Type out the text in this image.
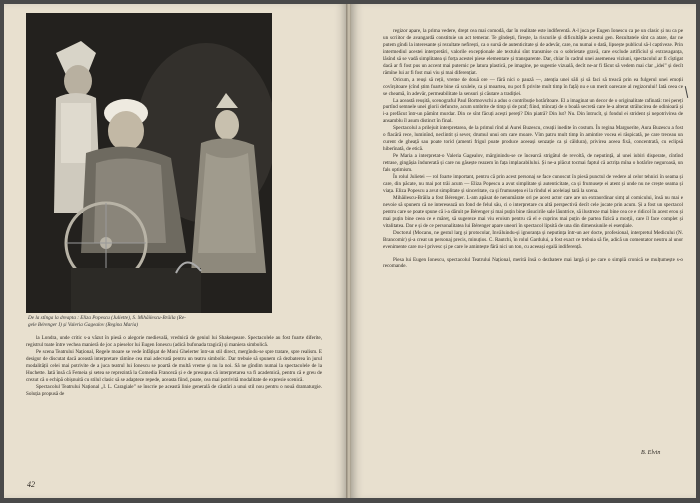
De la stînga la dreapta : Eliza Popescu (Juliette), S. Mihăilescu-Brăila (Re-
gele Bérenger I) și Valeria Gagealov (Regina Maria)

la Londra, unde critic s-a văzut în piesă o alegorie medievală, vrednică de geniul lui Shakespeare. Spectacolele au fost foarte diferite, registrul toate între vechea manieră de joc a pieselor lui Eugen Ionescu (adică bufonada tragică) și maniera simbolică.

Pe scena Teatrului Național, Regele moare se vede înfățișat de Moni Ghelerter într-un stil direct, mergîndu-se spre tratare, spre realism. E desigur de discutat dacă această interpretare rămîne cea mai adecvată pentru un teatru simbolic. Dar trebuie să spunem că dezbaterea în jurul modalității celei mai potrivite de a juca teatrul lui Ionescu se poartă de multă vreme și nu la noi. Să ne gîndim numai la spectacolele de la Huchette. Iată însă că Femeia și setea se reprezintă la Comedia Franceză și e de presupus că interpretarea va fi academică, pentru că e greu de crezut că o echipă obișnuită cu stilul clasic să se adapteze repede, aceasta fiind, poate, cea mai potrivită modalitate de expresie scenică.

Spectacolul Teatrului Național „I. L. Caragiale” se înscrie pe această linie generală de căutări a unui stil nou pentru o nouă dramaturgie. Soluția propusă de

42

regizor apare, la prima vedere, drept cea mai comodă, dar în realitate este indiferentă. A-l juca pe Eugen Ionescu ca pe un clasic și nu ca pe un scriitor de avangardă constituie un act temerar. Te gîndești, firește, la riscurile și dificultățile acestui gen. Rezultatele sînt ca atare, dar ne putem gîndi la interesante și rezultate nefirești, ca o sursă de autenticitate și de adevăr, care, nu numai o dată, lipsește publicul să-l captiveze. Prin intermediul acestei interpretări, valorile excepționale ale textului sînt transmise cu o sobrietate gravă, care exclude artificiul și extravaganța, lăsînd să se vadă simplitatea și forța acestei piese elementare și transparente. Dar, chiar în cadrul unei asemenea viziuni, spectacolul ar fi cîștigat dacă ar fi fost pus un accent mai puternic pe latura plastică, pe imagine, pe sugestie vizuală, decît ne-ar fi făcut să vedem mai clar „idei” și decît rămîne lui ar fi fost mai viu și mai diferențiat.

Oricum, a reuși să reții, vreme de două ore — fără nici o pauză —, atenția unei săli și să faci să treacă prin ea fulgerul unei emoții covîrșitoare (cînd știm foarte bine că sculele, ca și moartea, nu pot fi privite mult timp în față) nu e un merit oarecare al regizorului! Iată ceea ce se cheamă, în adevăr, permeabilitate la sensuri și căutare a tradiției.

La această reușită, scenograful Paul Bortnovschi a adus o contribuție hotărîtoare. El a imaginat un decor de o originalitate rafinată: trei pereți purtînd semnele unei glorii defuncte, acum umbrite de timp și de praf; fiind, mîncați de o boală secretă care le-a alterat strălucirea de odinioară și i-a prefăcut într-un pămînt murdar. Din ce sînt făcuți acești pereți? Din piatră? Din lut? Nu. Din întrucît, și fondul ei strident și nepotrivirea de ansamblu îl asum distinct în final.

Spectacolul a prilejuit interpretarea, de la primul rînd al Aurei Buzescu, creații inedite în costum. În regina Marguerite, Aura Buzescu a fost o flacără rece, luminînd, neclintit și sever, drumul unui om care moare. Vîm patru mult timp în amintire vocea ei răspicată, pe care treceau un curent de gheață sau poate torid (amenti frigul poate produce aceeași senzație ca și căldura), privirea aceea fixă, concentrată, cu eclipsă hiberînată, de etică.

Pe Maria a interpretat-o Valeria Gagealov, mărginindu-se ce încearcă strigătul de revoltă, de neputință, al unei iubiri disperate, cîntînd retrase, gingășia îndurerată și care nu găsește reazem în fața implacabilului. Și ne-a plăcut tocmai faptul că actrița mîna o hotărîre neguroasă, un fals optimism.

În rolul Julietei — rol foarte important, pentru că prin acest personaj se face cunoscut în piesă punctul de vedere al celor tehnici în seama și care, din păcate, nu mai pot trăi acum — Eliza Popescu a avut simplitate și autenticitate, ca și frumusețe ei atent și unde nu ne crește seama și viața. Eliza Popescu a avut simplitate și sinceritate, ca și frumusețea ei la rîndul ei aceleiași tară la scena.

Mihăilescu-Brăila a fost Bérenger. L-am apăsat de nenumărate ori pe acest actor care are un extraordinar simț al comicului, însă nu mai e nevoie să spunem că ne interesează un fond de felul său, ci o interpretare cu altă perspectivă decît cele jucate prin acum. Și a fost un spectacol pentru care se poate spune că i-a dăruit pe Bérenger și mai puțin bine răsucirile sale lăuntrice, să ilustreze mai bine cea ce e ridicol în acest erou și mai puțin bine ceea ce e măreț, să sugereze mai viu eroism pentru că el e cuprins mai puțin de partea fizică a morții, care îl face complet și vitalitatea. Dar e și de ce personalitatea lui Bérenger apare uneori în spectacol lipsită de una din dimensiunile ei esențiale.

Doctorul (Mocanu, ne gestul larg și protocolar, Invăluindu-și ignoranța și neputința într-un aer docte, profesional, interpretul Medicului (N. Brancomir) și-a creat un personaj precis, minuțios. C. Rautchi, în rolul Gardului, a fost exact ce trebuia să fie, adică un comentator neutru al unor evenimente care nu-l privesc și pe care le amintește fără nici un ton, cu aceeași egală indiferență.

Piesa lui Eugen Ionescu, spectacolul Teatrului Național, merită însă o dezbatere mai largă și pe care o simplă cronică se mulțumește s-o recomande.

B. Elvin
